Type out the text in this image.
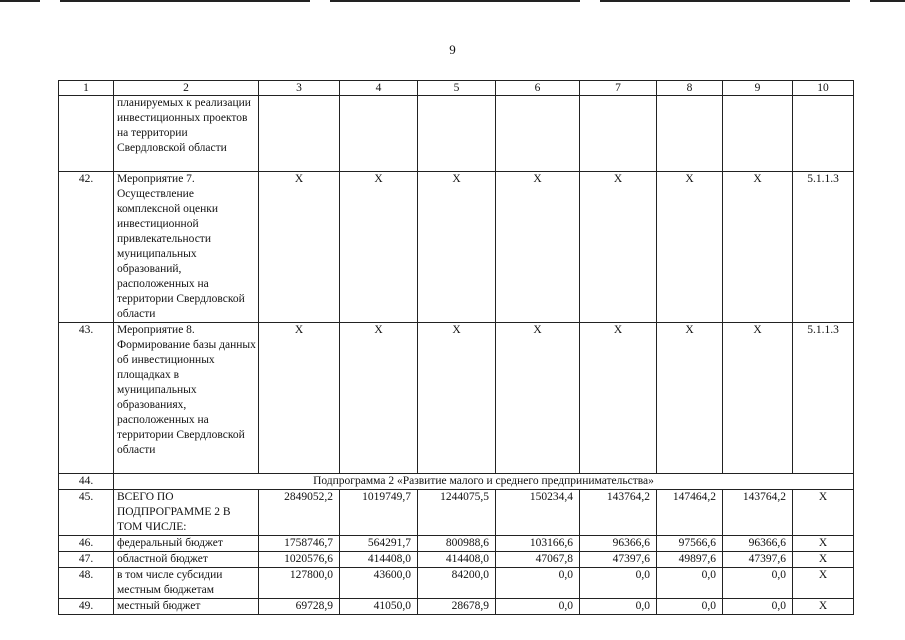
9
1	2	3	4	5	6	7	8	9	10
	планируемых к реализации инвестиционных проектов на территории Свердловской области								
42.	Мероприятие 7. Осуществление комплексной оценки инвестиционной привлекательности муниципальных образований, расположенных на территории Свердловской области	X	X	X	X	X	X	X	5.1.1.3
43.	Мероприятие 8. Формирование базы данных об инвестиционных площадках в муниципальных образованиях, расположенных на территории Свердловской области	X	X	X	X	X	X	X	5.1.1.3
44.	Подпрограмма 2 «Развитие малого и среднего предпринимательства»								
45.	ВСЕГО ПО ПОДПРОГРАММЕ 2 В ТОМ ЧИСЛЕ:	2849052,2	1019749,7	1244075,5	150234,4	143764,2	147464,2	143764,2	X
46.	федеральный бюджет	1758746,7	564291,7	800988,6	103166,6	96366,6	97566,6	96366,6	X
47.	областной бюджет	1020576,6	414408,0	414408,0	47067,8	47397,6	49897,6	47397,6	X
48.	в том числе субсидии местным бюджетам	127800,0	43600,0	84200,0	0,0	0,0	0,0	0,0	X
49.	местный бюджет	69728,9	41050,0	28678,9	0,0	0,0	0,0	0,0	X
